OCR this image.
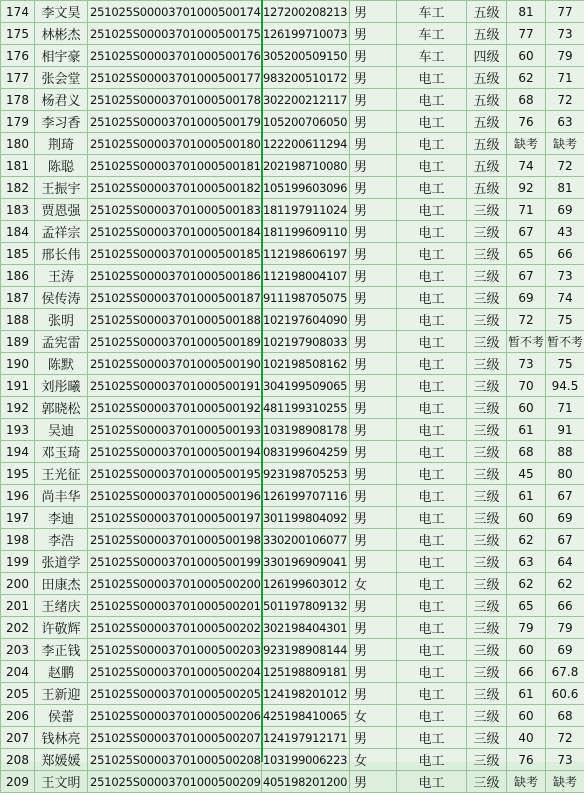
174	李文昊	251025S00003701000500174	127200208213	男	车工	五级	81	77
175	林彬杰	251025S00003701000500175	126199710073	男	车工	五级	77	73
176	相宇豪	251025S00003701000500176	305200509150	男	车工	四级	60	79
177	张会堂	251025S00003701000500177	983200510172	男	电工	五级	62	71
178	杨君义	251025S00003701000500178	302200212117	男	电工	五级	68	72
179	李习香	251025S00003701000500179	105200706050	男	电工	五级	76	63
180	荆琦	251025S00003701000500180	122200611294	男	电工	五级	缺考	缺考
181	陈聪	251025S00003701000500181	202198710080	男	电工	五级	74	72
182	王振宇	251025S00003701000500182	105199603096	男	电工	五级	92	81
183	贾恩强	251025S00003701000500183	181197911024	男	电工	三级	71	69
184	孟祥宗	251025S00003701000500184	181199609110	男	电工	三级	67	43
185	邢长伟	251025S00003701000500185	112198606197	男	电工	三级	65	66
186	王涛	251025S00003701000500186	112198004107	男	电工	三级	67	73
187	侯传涛	251025S00003701000500187	911198705075	男	电工	三级	69	74
188	张明	251025S00003701000500188	102197604090	男	电工	三级	72	75
189	孟宪雷	251025S00003701000500189	102197908033	男	电工	三级	暂不考	暂不考
190	陈默	251025S00003701000500190	102198508162	男	电工	三级	73	75
191	刘彤曦	251025S00003701000500191	304199509065	男	电工	三级	70	94.5
192	郭晓松	251025S00003701000500192	481199310255	男	电工	三级	60	71
193	吴迪	251025S00003701000500193	103198908178	男	电工	三级	61	91
194	邓玉琦	251025S00003701000500194	083199604259	男	电工	三级	68	88
195	王光征	251025S00003701000500195	923198705253	男	电工	三级	45	80
196	尚丰华	251025S00003701000500196	126199707116	男	电工	三级	61	67
197	李迪	251025S00003701000500197	301199804092	男	电工	三级	60	69
198	李浩	251025S00003701000500198	330200106077	男	电工	三级	62	67
199	张道学	251025S00003701000500199	330196909041	男	电工	三级	63	64
200	田康杰	251025S00003701000500200	126199603012	女	电工	三级	62	62
201	王绪庆	251025S00003701000500201	501197809132	男	电工	三级	65	66
202	许敬辉	251025S00003701000500202	302198404301	男	电工	三级	79	79
203	李正钱	251025S00003701000500203	923198908144	男	电工	三级	60	69
204	赵鹏	251025S00003701000500204	125198809181	男	电工	三级	66	67.8
205	王新迎	251025S00003701000500205	124198201012	男	电工	三级	61	60.6
206	侯蕾	251025S00003701000500206	425198410065	女	电工	三级	60	68
207	钱林亮	251025S00003701000500207	124197912171	男	电工	三级	40	72
208	郑媛媛	251025S00003701000500208	103199006223	女	电工	三级	76	73
209	王文明	251025S00003701000500209	405198201200	男	电工	三级	缺考	缺考
